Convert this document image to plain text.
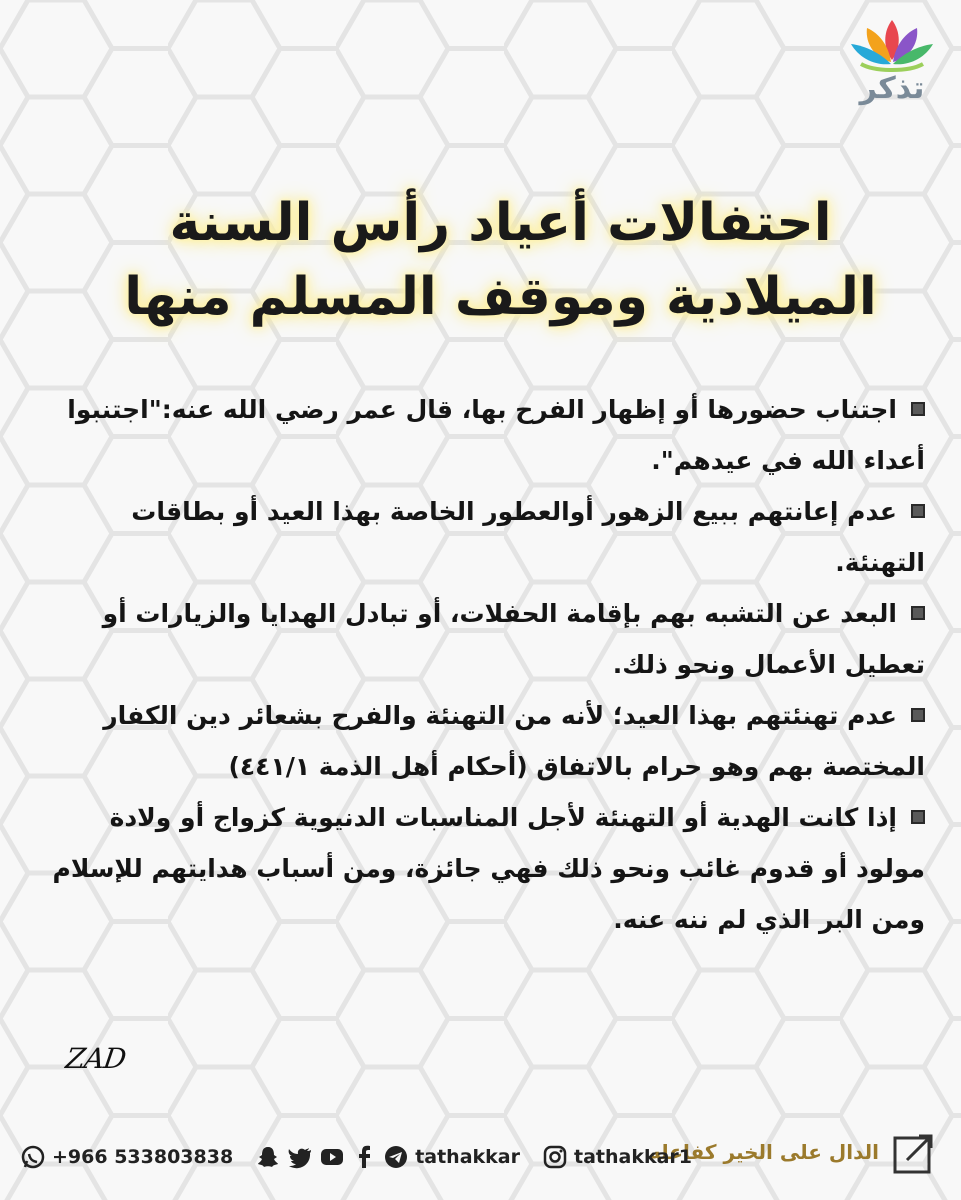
تذكر
احتفالات أعياد رأس السنة
الميلادية وموقف المسلم منها
اجتناب حضورها أو إظهار الفرح بها، قال عمر رضي الله عنه:"اجتنبوا أعداء الله في عيدهم".
عدم إعانتهم ببيع الزهور أوالعطور الخاصة بهذا العيد أو بطاقات التهنئة.
البعد عن التشبه بهم بإقامة الحفلات، أو تبادل الهدايا والزيارات أو تعطيل الأعمال ونحو ذلك.
عدم تهنئتهم بهذا العيد؛ لأنه من التهنئة والفرح بشعائر دين الكفار المختصة بهم وهو حرام بالاتفاق (أحكام أهل الذمة ٤٤١/١)
إذا كانت الهدية أو التهنئة لأجل المناسبات الدنيوية كزواج أو ولادة مولود أو قدوم غائب ونحو ذلك فهي جائزة، ومن أسباب هدايتهم للإسلام ومن البر الذي لم ننه عنه.
ZAD
الدال على الخير كفاعله
+966 533803838	tathakkar	tathakkar1
